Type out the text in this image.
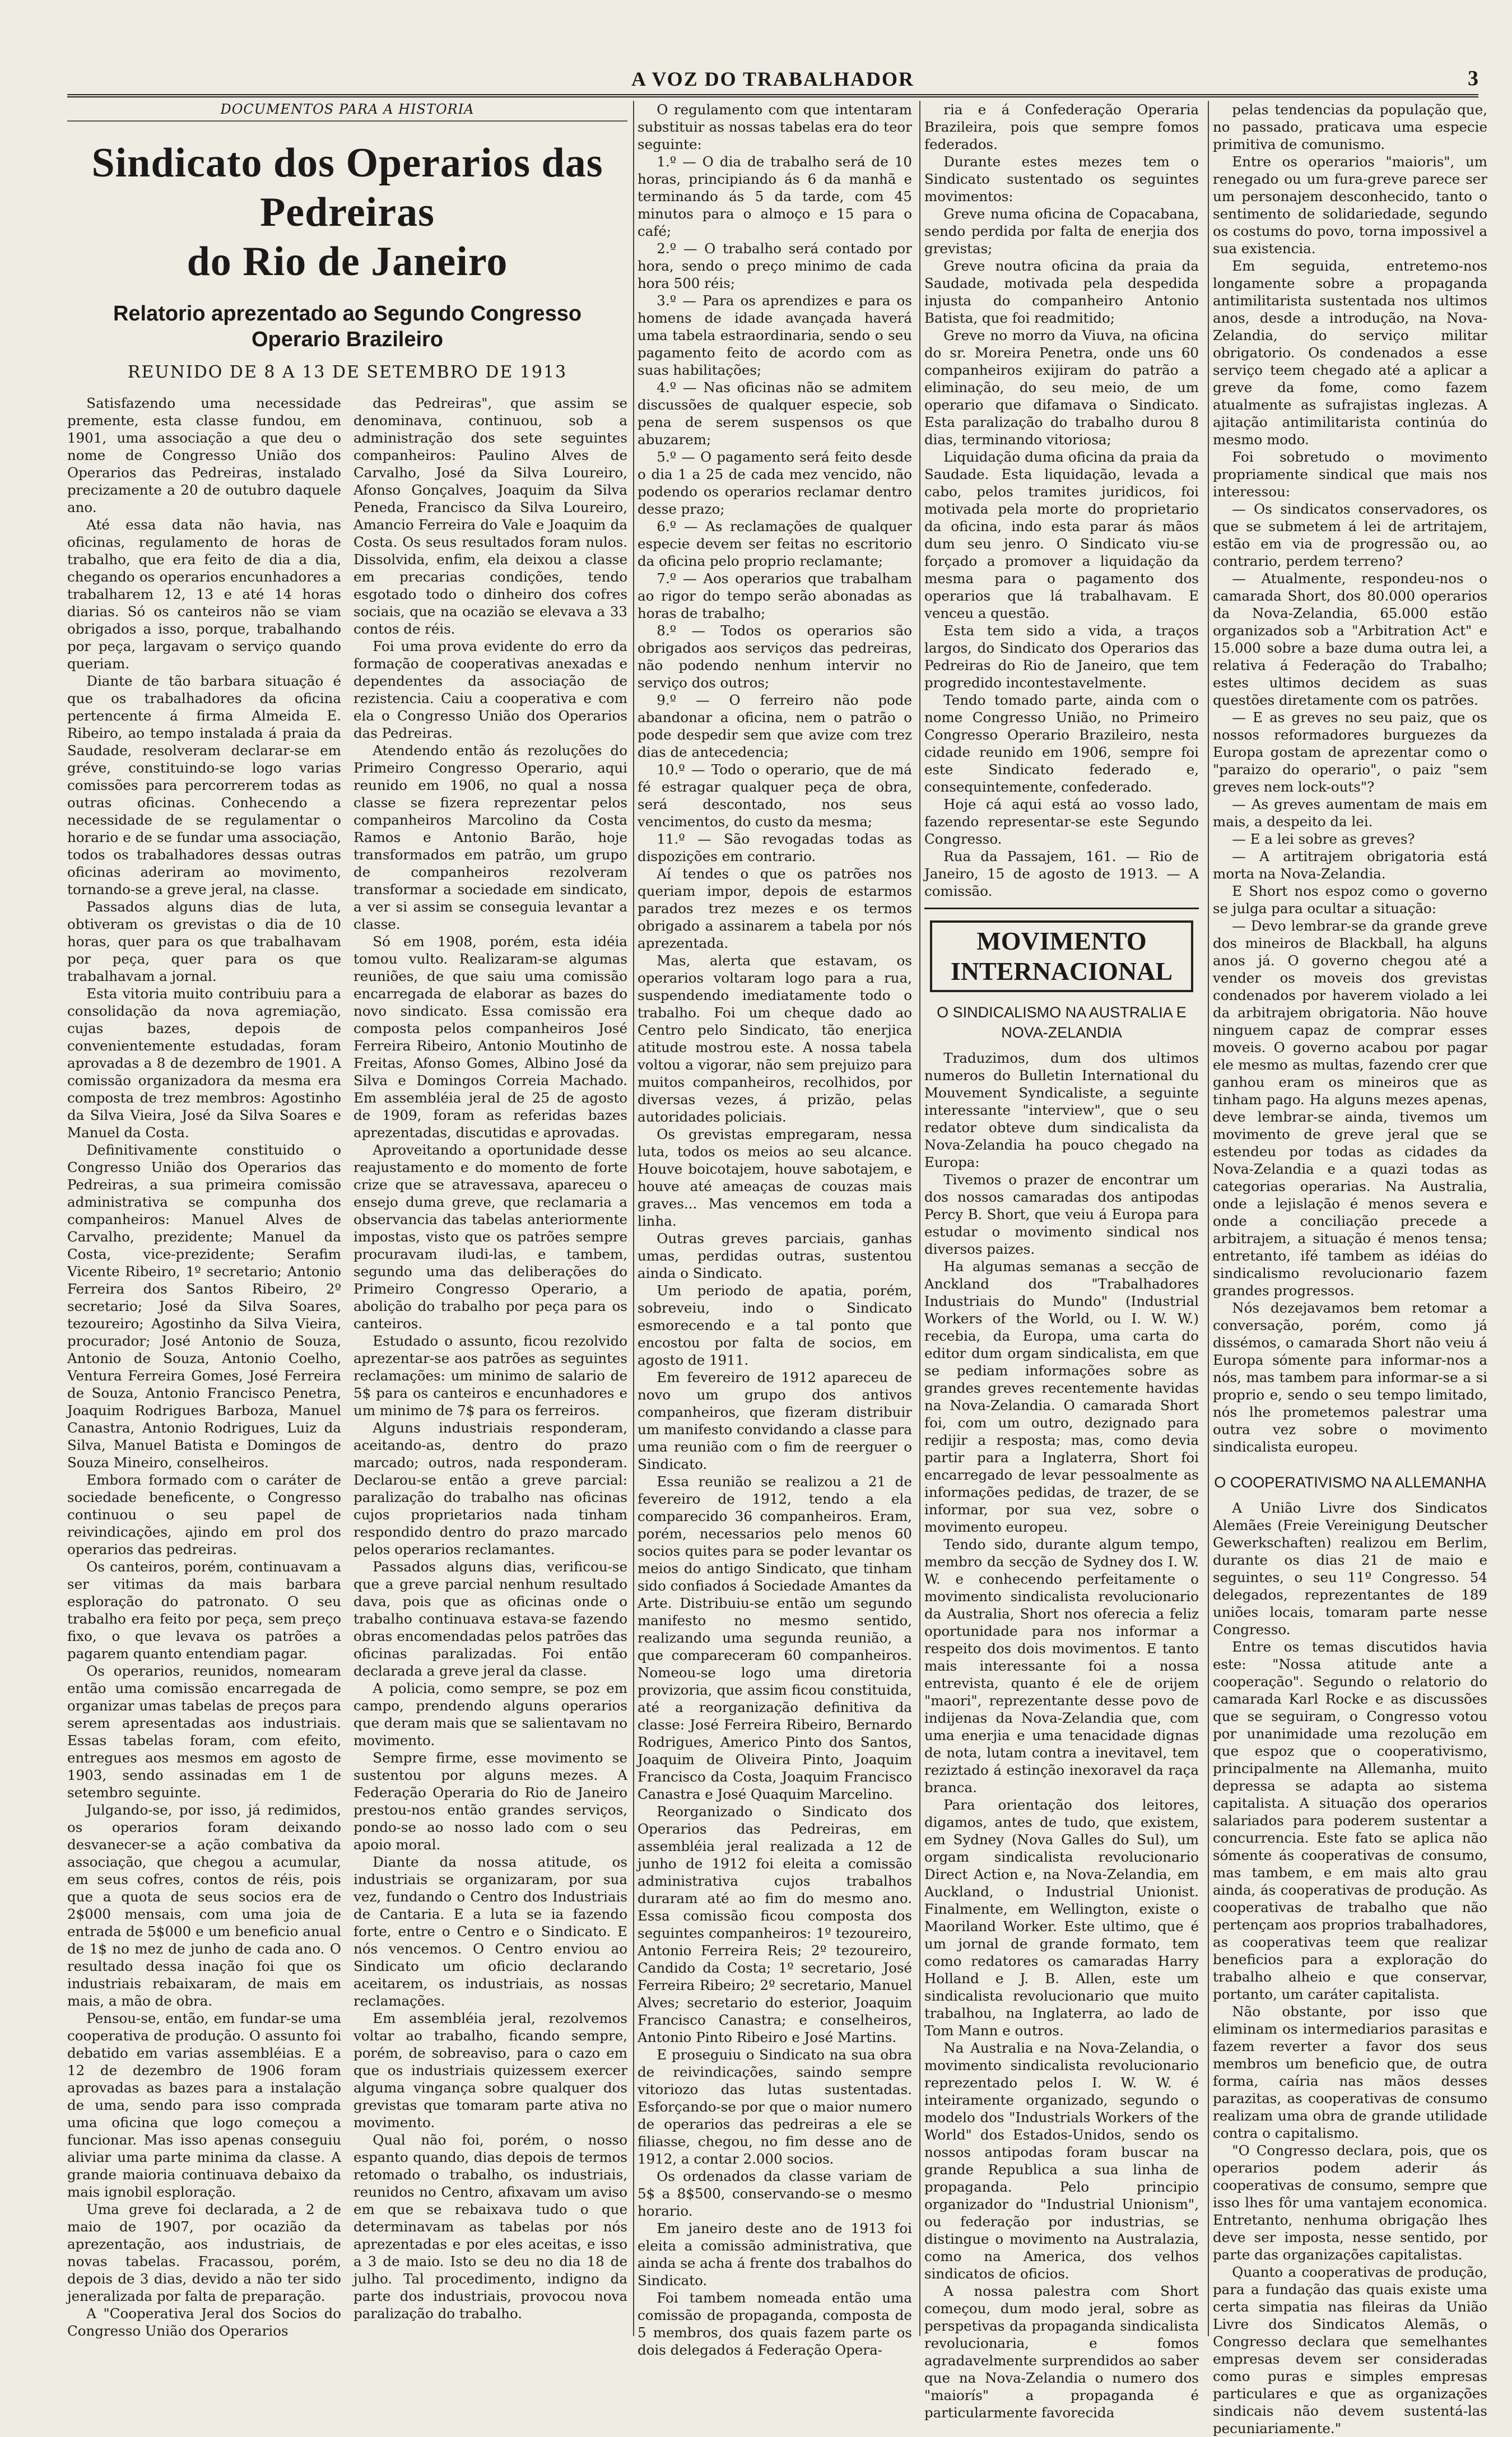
A VOZ DO TRABALHADOR	3
DOCUMENTOS PARA A HISTORIA
Sindicato dos Operarios das Pedreiras
do Rio de Janeiro
Relatorio aprezentado ao Segundo Congresso
Operario Brazileiro
REUNIDO DE 8 A 13 DE SETEMBRO DE 1913

Satisfazendo uma necessidade premente, esta classe fundou, em 1901, uma associação a que deu o nome de Congresso União dos Operarios das Pedreiras, instalado precizamente a 20 de outubro daquele ano.

Até essa data não havia, nas oficinas, regulamento de horas de trabalho, que era feito de dia a dia, chegando os operarios encunhadores a trabalharem 12, 13 e até 14 horas diarias. Só os canteiros não se viam obrigados a isso, porque, trabalhando por peça, largavam o serviço quando queriam.

Diante de tão barbara situação é que os trabalhadores da oficina pertencente á firma Almeida E. Ribeiro, ao tempo instalada á praia da Saudade, resolveram declarar-se em gréve, constituindo-se logo varias comissões para percorrerem todas as outras oficinas. Conhecendo a necessidade de se regulamentar o horario e de se fundar uma associação, todos os trabalhadores dessas outras oficinas aderiram ao movimento, tornando-se a greve jeral, na classe.

Passados alguns dias de luta, obtiveram os grevistas o dia de 10 horas, quer para os que trabalhavam por peça, quer para os que trabalhavam a jornal.

Esta vitoria muito contribuiu para a consolidação da nova agremiação, cujas bazes, depois de convenientemente estudadas, foram aprovadas a 8 de dezembro de 1901. A comissão organizadora da mesma era composta de trez membros: Agostinho da Silva Vieira, José da Silva Soares e Manuel da Costa.

Definitivamente constituido o Congresso União dos Operarios das Pedreiras, a sua primeira comissão administrativa se compunha dos companheiros: Manuel Alves de Carvalho, prezidente; Manuel da Costa, vice-prezidente; Serafim Vicente Ribeiro, 1º secretario; Antonio Ferreira dos Santos Ribeiro, 2º secretario; José da Silva Soares, tezoureiro; Agostinho da Silva Vieira, procurador; José Antonio de Souza, Antonio de Souza, Antonio Coelho, Ventura Ferreira Gomes, José Ferreira de Souza, Antonio Francisco Penetra, Joaquim Rodrigues Barboza, Manuel Canastra, Antonio Rodrigues, Luiz da Silva, Manuel Batista e Domingos de Souza Mineiro, conselheiros.

Embora formado com o caráter de sociedade beneficente, o Congresso continuou o seu papel de reivindicações, ajindo em prol dos operarios das pedreiras.

Os canteiros, porém, continuavam a ser vitimas da mais barbara esploração do patronato. O seu trabalho era feito por peça, sem preço fixo, o que levava os patrões a pagarem quanto entendiam pagar.

Os operarios, reunidos, nomearam então uma comissão encarregada de organizar umas tabelas de preços para serem apresentadas aos industriais. Essas tabelas foram, com efeito, entregues aos mesmos em agosto de 1903, sendo assinadas em 1 de setembro seguinte.

Julgando-se, por isso, já redimidos, os operarios foram deixando desvanecer-se a ação combativa da associação, que chegou a acumular, em seus cofres, contos de réis, pois que a quota de seus socios era de 2$000 mensais, com uma joia de entrada de 5$000 e um beneficio anual de 1$ no mez de junho de cada ano. O resultado dessa inação foi que os industriais rebaixaram, de mais em mais, a mão de obra.

Pensou-se, então, em fundar-se uma cooperativa de produção. O assunto foi debatido em varias assembléias. E a 12 de dezembro de 1906 foram aprovadas as bazes para a instalação de uma, sendo para isso comprada uma oficina que logo começou a funcionar. Mas isso apenas conseguiu aliviar uma parte minima da classe. A grande maioria continuava debaixo da mais ignobil esploração.

Uma greve foi declarada, a 2 de maio de 1907, por ocazião da aprezentação, aos industriais, de novas tabelas. Fracassou, porém, depois de 3 dias, devido a não ter sido jeneralizada por falta de preparação.

A "Cooperativa Jeral dos Socios do Congresso União dos Operarios

das Pedreiras", que assim se denominava, continuou, sob a administração dos sete seguintes companheiros: Paulino Alves de Carvalho, José da Silva Loureiro, Afonso Gonçalves, Joaquim da Silva Peneda, Francisco da Silva Loureiro, Amancio Ferreira do Vale e Joaquim da Costa. Os seus resultados foram nulos. Dissolvida, enfim, ela deixou a classe em precarias condições, tendo esgotado todo o dinheiro dos cofres sociais, que na ocazião se elevava a 33 contos de réis.

Foi uma prova evidente do erro da formação de cooperativas anexadas e dependentes da associação de rezistencia. Caiu a cooperativa e com ela o Congresso União dos Operarios das Pedreiras.

Atendendo então ás rezoluções do Primeiro Congresso Operario, aqui reunido em 1906, no qual a nossa classe se fizera reprezentar pelos companheiros Marcolino da Costa Ramos e Antonio Barão, hoje transformados em patrão, um grupo de companheiros rezolveram transformar a sociedade em sindicato, a ver si assim se conseguia levantar a classe.

Só em 1908, porém, esta idéia tomou vulto. Realizaram-se algumas reuniões, de que saiu uma comissão encarregada de elaborar as bazes do novo sindicato. Essa comissão era composta pelos companheiros José Ferreira Ribeiro, Antonio Moutinho de Freitas, Afonso Gomes, Albino José da Silva e Domingos Correia Machado. Em assembléia jeral de 25 de agosto de 1909, foram as referidas bazes aprezentadas, discutidas e aprovadas.

Aproveitando a oportunidade desse reajustamento e do momento de forte crize que se atravessava, apareceu o ensejo duma greve, que reclamaria a observancia das tabelas anteriormente impostas, visto que os patrões sempre procuravam iludi-las, e tambem, segundo uma das deliberações do Primeiro Congresso Operario, a abolição do trabalho por peça para os canteiros.

Estudado o assunto, ficou rezolvido aprezentar-se aos patrões as seguintes reclamações: um minimo de salario de 5$ para os canteiros e encunhadores e um minimo de 7$ para os ferreiros.

Alguns industriais responderam, aceitando-as, dentro do prazo marcado; outros, nada responderam. Declarou-se então a greve parcial: paralização do trabalho nas oficinas cujos proprietarios nada tinham respondido dentro do prazo marcado pelos operarios reclamantes.

Passados alguns dias, verificou-se que a greve parcial nenhum resultado dava, pois que as oficinas onde o trabalho continuava estava-se fazendo obras encomendadas pelos patrões das oficinas paralizadas. Foi então declarada a greve jeral da classe.

A policia, como sempre, se poz em campo, prendendo alguns operarios que deram mais que se salientavam no movimento.

Sempre firme, esse movimento se sustentou por alguns mezes. A Federação Operaria do Rio de Janeiro prestou-nos então grandes serviços, pondo-se ao nosso lado com o seu apoio moral.

Diante da nossa atitude, os industriais se organizaram, por sua vez, fundando o Centro dos Industriais de Cantaria. E a luta se ia fazendo forte, entre o Centro e o Sindicato. E nós vencemos. O Centro enviou ao Sindicato um oficio declarando aceitarem, os industriais, as nossas reclamações.

Em assembléia jeral, rezolvemos voltar ao trabalho, ficando sempre, porém, de sobreaviso, para o cazo em que os industriais quizessem exercer alguma vingança sobre qualquer dos grevistas que tomaram parte ativa no movimento.

Qual não foi, porém, o nosso espanto quando, dias depois de termos retomado o trabalho, os industriais, reunidos no Centro, afixavam um aviso em que se rebaixava tudo o que determinavam as tabelas por nós aprezentadas e por eles aceitas, e isso a 3 de maio. Isto se deu no dia 18 de julho. Tal procedimento, indigno da parte dos industriais, provocou nova paralização do trabalho.

O regulamento com que intentaram substituir as nossas tabelas era do teor seguinte:

1.º — O dia de trabalho será de 10 horas, principiando ás 6 da manhã e terminando ás 5 da tarde, com 45 minutos para o almoço e 15 para o café;

2.º — O trabalho será contado por hora, sendo o preço minimo de cada hora 500 réis;

3.º — Para os aprendizes e para os homens de idade avançada haverá uma tabela estraordinaria, sendo o seu pagamento feito de acordo com as suas habilitações;

4.º — Nas oficinas não se admitem discussões de qualquer especie, sob pena de serem suspensos os que abuzarem;

5.º — O pagamento será feito desde o dia 1 a 25 de cada mez vencido, não podendo os operarios reclamar dentro desse prazo;

6.º — As reclamações de qualquer especie devem ser feitas no escritorio da oficina pelo proprio reclamante;

7.º — Aos operarios que trabalham ao rigor do tempo serão abonadas as horas de trabalho;

8.º — Todos os operarios são obrigados aos serviços das pedreiras, não podendo nenhum intervir no serviço dos outros;

9.º — O ferreiro não pode abandonar a oficina, nem o patrão o pode despedir sem que avize com trez dias de antecedencia;

10.º — Todo o operario, que de má fé estragar qualquer peça de obra, será descontado, nos seus vencimentos, do custo da mesma;

11.º — São revogadas todas as dispozições em contrario.

Aí tendes o que os patrões nos queriam impor, depois de estarmos parados trez mezes e os termos obrigado a assinarem a tabela por nós aprezentada.

Mas, alerta que estavam, os operarios voltaram logo para a rua, suspendendo imediatamente todo o trabalho. Foi um cheque dado ao Centro pelo Sindicato, tão enerjica atitude mostrou este. A nossa tabela voltou a vigorar, não sem prejuizo para muitos companheiros, recolhidos, por diversas vezes, á prizão, pelas autoridades policiais.

Os grevistas empregaram, nessa luta, todos os meios ao seu alcance. Houve boicotajem, houve sabotajem, e houve até ameaças de couzas mais graves... Mas vencemos em toda a linha.

Outras greves parciais, ganhas umas, perdidas outras, sustentou ainda o Sindicato.

Um periodo de apatia, porém, sobreveiu, indo o Sindicato esmorecendo e a tal ponto que encostou por falta de socios, em agosto de 1911.

Em fevereiro de 1912 apareceu de novo um grupo dos antivos companheiros, que fizeram distribuir um manifesto convidando a classe para uma reunião com o fim de reerguer o Sindicato.

Essa reunião se realizou a 21 de fevereiro de 1912, tendo a ela comparecido 36 companheiros. Eram, porém, necessarios pelo menos 60 socios quites para se poder levantar os meios do antigo Sindicato, que tinham sido confiados á Sociedade Amantes da Arte. Distribuiu-se então um segundo manifesto no mesmo sentido, realizando uma segunda reunião, a que compareceram 60 companheiros. Nomeou-se logo uma diretoria provizoria, que assim ficou constituida, até a reorganização definitiva da classe: José Ferreira Ribeiro, Bernardo Rodrigues, Americo Pinto dos Santos, Joaquim de Oliveira Pinto, Joaquim Francisco da Costa, Joaquim Francisco Canastra e José Quaquim Marcelino.

Reorganizado o Sindicato dos Operarios das Pedreiras, em assembléia jeral realizada a 12 de junho de 1912 foi eleita a comissão administrativa cujos trabalhos duraram até ao fim do mesmo ano. Essa comissão ficou composta dos seguintes companheiros: 1º tezoureiro, Antonio Ferreira Reis; 2º tezoureiro, Candido da Costa; 1º secretario, José Ferreira Ribeiro; 2º secretario, Manuel Alves; secretario do esterior, Joaquim Francisco Canastra; e conselheiros, Antonio Pinto Ribeiro e José Martins.

E proseguiu o Sindicato na sua obra de reivindicações, saindo sempre vitoriozo das lutas sustentadas. Esforçando-se por que o maior numero de operarios das pedreiras a ele se filiasse, chegou, no fim desse ano de 1912, a contar 2.000 socios.

Os ordenados da classe variam de 5$ a 8$500, conservando-se o mesmo horario.

Em janeiro deste ano de 1913 foi eleita a comissão administrativa, que ainda se acha á frente dos trabalhos do Sindicato.

Foi tambem nomeada então uma comissão de propaganda, composta de 5 membros, dos quais fazem parte os dois delegados á Federação Opera-

ria e á Confederação Operaria Brazileira, pois que sempre fomos federados.

Durante estes mezes tem o Sindicato sustentado os seguintes movimentos:

Greve numa oficina de Copacabana, sendo perdida por falta de enerjia dos grevistas;

Greve noutra oficina da praia da Saudade, motivada pela despedida injusta do companheiro Antonio Batista, que foi readmitido;

Greve no morro da Viuva, na oficina do sr. Moreira Penetra, onde uns 60 companheiros exijiram do patrão a eliminação, do seu meio, de um operario que difamava o Sindicato. Esta paralização do trabalho durou 8 dias, terminando vitoriosa;

Liquidação duma oficina da praia da Saudade. Esta liquidação, levada a cabo, pelos tramites juridicos, foi motivada pela morte do proprietario da oficina, indo esta parar ás mãos dum seu jenro. O Sindicato viu-se forçado a promover a liquidação da mesma para o pagamento dos operarios que lá trabalhavam. E venceu a questão.

Esta tem sido a vida, a traços largos, do Sindicato dos Operarios das Pedreiras do Rio de Janeiro, que tem progredido incontestavelmente.

Tendo tomado parte, ainda com o nome Congresso União, no Primeiro Congresso Operario Brazileiro, nesta cidade reunido em 1906, sempre foi este Sindicato federado e, consequintemente, confederado.

Hoje cá aqui está ao vosso lado, fazendo representar-se este Segundo Congresso.

Rua da Passajem, 161. — Rio de Janeiro, 15 de agosto de 1913. — A comissão.

MOVIMENTO INTERNACIONAL
O SINDICALISMO NA AUSTRALIA E NOVA-ZELANDIA

Traduzimos, dum dos ultimos numeros do Bulletin International du Mouvement Syndicaliste, a seguinte interessante "interview", que o seu redator obteve dum sindicalista da Nova-Zelandia ha pouco chegado na Europa:

Tivemos o prazer de encontrar um dos nossos camaradas dos antipodas Percy B. Short, que veiu á Europa para estudar o movimento sindical nos diversos paizes.

Ha algumas semanas a secção de Anckland dos "Trabalhadores Industriais do Mundo" (Industrial Workers of the World, ou I. W. W.) recebia, da Europa, uma carta do editor dum orgam sindicalista, em que se pediam informações sobre as grandes greves recentemente havidas na Nova-Zelandia. O camarada Short foi, com um outro, dezignado para redijir a resposta; mas, como devia partir para a Inglaterra, Short foi encarregado de levar pessoalmente as informações pedidas, de trazer, de se informar, por sua vez, sobre o movimento europeu.

Tendo sido, durante algum tempo, membro da secção de Sydney dos I. W. W. e conhecendo perfeitamente o movimento sindicalista revolucionario da Australia, Short nos oferecia a feliz oportunidade para nos informar a respeito dos dois movimentos. E tanto mais interessante foi a nossa entrevista, quanto é ele de orijem "maori", reprezentante desse povo de indijenas da Nova-Zelandia que, com uma enerjia e uma tenacidade dignas de nota, lutam contra a inevitavel, tem reziztado á estinção inexoravel da raça branca.

Para orientação dos leitores, digamos, antes de tudo, que existem, em Sydney (Nova Galles do Sul), um orgam sindicalista revolucionario Direct Action e, na Nova-Zelandia, em Auckland, o Industrial Unionist. Finalmente, em Wellington, existe o Maoriland Worker. Este ultimo, que é um jornal de grande formato, tem como redatores os camaradas Harry Holland e J. B. Allen, este um sindicalista revolucionario que muito trabalhou, na Inglaterra, ao lado de Tom Mann e outros.

Na Australia e na Nova-Zelandia, o movimento sindicalista revolucionario reprezentado pelos I. W. W. é inteiramente organizado, segundo o modelo dos "Industrials Workers of the World" dos Estados-Unidos, sendo os nossos antipodas foram buscar na grande Republica a sua linha de propaganda. Pelo principio organizador do "Industrial Unionism", ou federação por industrias, se distingue o movimento na Australazia, como na America, dos velhos sindicatos de oficios.

A nossa palestra com Short começou, dum modo jeral, sobre as perspetivas da propaganda sindicalista revolucionaria, e fomos agradavelmente surprendidos ao saber que na Nova-Zelandia o numero dos "maiorís" a propaganda é particularmente favorecida

pelas tendencias da população que, no passado, praticava uma especie primitiva de comunismo.

Entre os operarios "maioris", um renegado ou um fura-greve parece ser um personajem desconhecido, tanto o sentimento de solidariedade, segundo os costums do povo, torna impossivel a sua existencia.

Em seguida, entretemo-nos longamente sobre a propaganda antimilitarista sustentada nos ultimos anos, desde a introdução, na Nova-Zelandia, do serviço militar obrigatorio. Os condenados a esse serviço teem chegado até a aplicar a greve da fome, como fazem atualmente as sufrajistas inglezas. A ajitação antimilitarista continúa do mesmo modo.

Foi sobretudo o movimento propriamente sindical que mais nos interessou:

— Os sindicatos conservadores, os que se submetem á lei de artritajem, estão em via de progressão ou, ao contrario, perdem terreno?

— Atualmente, respondeu-nos o camarada Short, dos 80.000 operarios da Nova-Zelandia, 65.000 estão organizados sob a "Arbitration Act" e 15.000 sobre a baze duma outra lei, a relativa á Federação do Trabalho; estes ultimos decidem as suas questões diretamente com os patrões.

— E as greves no seu paiz, que os nossos reformadores burguezes da Europa gostam de aprezentar como o "paraizo do operario", o paiz "sem greves nem lock-outs"?

— As greves aumentam de mais em mais, a despeito da lei.

— E a lei sobre as greves?

— A artitrajem obrigatoria está morta na Nova-Zelandia.

E Short nos espoz como o governo se julga para ocultar a situação:

— Devo lembrar-se da grande greve dos mineiros de Blackball, ha alguns anos já. O governo chegou até a vender os moveis dos grevistas condenados por haverem violado a lei da arbitrajem obrigatoria. Não houve ninguem capaz de comprar esses moveis. O governo acabou por pagar ele mesmo as multas, fazendo crer que ganhou eram os mineiros que as tinham pago. Ha alguns mezes apenas, deve lembrar-se ainda, tivemos um movimento de greve jeral que se estendeu por todas as cidades da Nova-Zelandia e a quazi todas as categorias operarias. Na Australia, onde a lejislação é menos severa e onde a conciliação precede a arbitrajem, a situação é menos tensa; entretanto, ifé tambem as idéias do sindicalismo revolucionario fazem grandes progressos.

Nós dezejavamos bem retomar a conversação, porém, como já dissémos, o camarada Short não veiu á Europa sómente para informar-nos a nós, mas tambem para informar-se a si proprio e, sendo o seu tempo limitado, nós lhe prometemos palestrar uma outra vez sobre o movimento sindicalista europeu.

O COOPERATIVISMO NA ALLEMANHA

A União Livre dos Sindicatos Alemães (Freie Vereinigung Deutscher Gewerkschaften) realizou em Berlim, durante os dias 21 de maio e seguintes, o seu 11º Congresso. 54 delegados, reprezentantes de 189 uniões locais, tomaram parte nesse Congresso.

Entre os temas discutidos havia este: "Nossa atitude ante a cooperação". Segundo o relatorio do camarada Karl Rocke e as discussões que se seguiram, o Congresso votou por unanimidade uma rezolução em que espoz que o cooperativismo, principalmente na Allemanha, muito depressa se adapta ao sistema capitalista. A situação dos operarios salariados para poderem sustentar a concurrencia. Este fato se aplica não sómente ás cooperativas de consumo, mas tambem, e em mais alto grau ainda, ás cooperativas de produção. As cooperativas de trabalho que não pertençam aos proprios trabalhadores, as cooperativas teem que realizar beneficios para a exploração do trabalho alheio e que conservar, portanto, um caráter capitalista.

Não obstante, por isso que eliminam os intermediarios parasitas e fazem reverter a favor dos seus membros um beneficio que, de outra forma, caíria nas mãos desses parazitas, as cooperativas de consumo realizam uma obra de grande utilidade contra o capitalismo.

"O Congresso declara, pois, que os operarios podem aderir ás cooperativas de consumo, sempre que isso lhes fôr uma vantajem economica. Entretanto, nenhuma obrigação lhes deve ser imposta, nesse sentido, por parte das organizações capitalistas.

Quanto a cooperativas de produção, para a fundação das quais existe uma certa simpatia nas fileiras da União Livre dos Sindicatos Alemãs, o Congresso declara que semelhantes empresas devem ser consideradas como puras e simples empresas particulares e que as organizações sindicais não devem sustentá-las pecuniariamente."
